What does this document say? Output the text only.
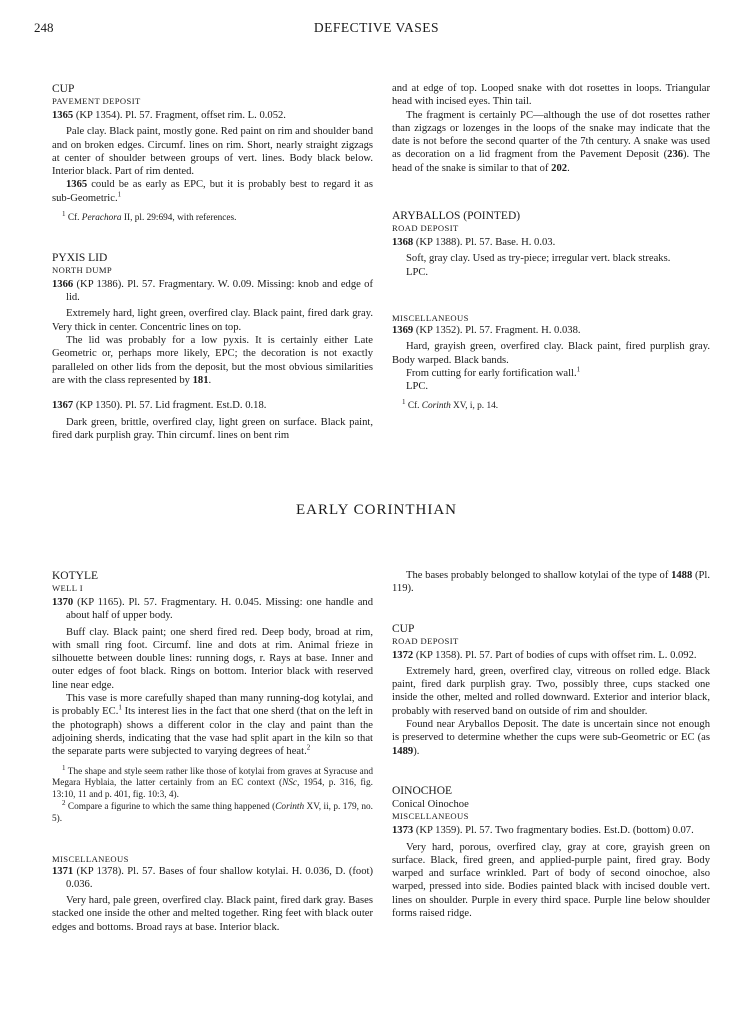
248	DEFECTIVE VASES

CUP

PAVEMENT DEPOSIT

1365 (KP 1354). Pl. 57. Fragment, offset rim. L. 0.052.

Pale clay. Black paint, mostly gone. Red paint on rim and shoulder band and on broken edges. Circumf. lines on rim. Short, nearly straight zigzags at center of shoulder between groups of vert. lines. Body black below. Interior black. Part of rim dented.

1365 could be as early as EPC, but it is probably best to regard it as sub-Geometric.$^1$

$^1$ Cf. Perachora II, pl. 29:694, with references.

PYXIS LID

NORTH DUMP

1366 (KP 1386). Pl. 57. Fragmentary. W. 0.09. Missing: knob and edge of lid.

Extremely hard, light green, overfired clay. Black paint, fired dark gray. Very thick in center. Concentric lines on top.

The lid was probably for a low pyxis. It is certainly either Late Geometric or, perhaps more likely, EPC; the decoration is not exactly paralleled on other lids from the deposit, but the most obvious similarities are with the class represented by 181.

1367 (KP 1350). Pl. 57. Lid fragment. Est.D. 0.18.

Dark green, brittle, overfired clay, light green on surface. Black paint, fired dark purplish gray. Thin circumf. lines on bent rim

and at edge of top. Looped snake with dot rosettes in loops. Triangular head with incised eyes. Thin tail.

The fragment is certainly PC—although the use of dot rosettes rather than zigzags or lozenges in the loops of the snake may indicate that the date is not before the second quarter of the 7th century. A snake was used as decoration on a lid fragment from the Pavement Deposit (236). The head of the snake is similar to that of 202.

ARYBALLOS (POINTED)

ROAD DEPOSIT

1368 (KP 1388). Pl. 57. Base. H. 0.03.

Soft, gray clay. Used as try-piece; irregular vert. black streaks.

LPC.

MISCELLANEOUS

1369 (KP 1352). Pl. 57. Fragment. H. 0.038.

Hard, grayish green, overfired clay. Black paint, fired purplish gray. Body warped. Black bands.

From cutting for early fortification wall.$^1$

LPC.

$^1$ Cf. Corinth XV, i, p. 14.

EARLY CORINTHIAN

KOTYLE

WELL I

1370 (KP 1165). Pl. 57. Fragmentary. H. 0.045. Missing: one handle and about half of upper body.

Buff clay. Black paint; one sherd fired red. Deep body, broad at rim, with small ring foot. Circumf. line and dots at rim. Animal frieze in silhouette between double lines: running dogs, r. Rays at base. Inner and outer edges of foot black. Rings on bottom. Interior black with reserved line near edge.

This vase is more carefully shaped than many running-dog kotylai, and is probably EC.$^1$ Its interest lies in the fact that one sherd (that on the left in the photograph) shows a different color in the clay and paint than the adjoining sherds, indicating that the vase had split apart in the kiln so that the separate parts were subjected to varying degrees of heat.$^2$

$^1$ The shape and style seem rather like those of kotylai from graves at Syracuse and Megara Hyblaia, the latter certainly from an EC context (NSc, 1954, p. 316, fig. 13:10, 11 and p. 401, fig. 10:3, 4).

$^2$ Compare a figurine to which the same thing happened (Corinth XV, ii, p. 179, no. 5).

MISCELLANEOUS

1371 (KP 1378). Pl. 57. Bases of four shallow kotylai. H. 0.036, D. (foot) 0.036.

Very hard, pale green, overfired clay. Black paint, fired dark gray. Bases stacked one inside the other and melted together. Ring feet with black outer edges and bottoms. Broad rays at base. Interior black.

The bases probably belonged to shallow kotylai of the type of 1488 (Pl. 119).

CUP

ROAD DEPOSIT

1372 (KP 1358). Pl. 57. Part of bodies of cups with offset rim. L. 0.092.

Extremely hard, green, overfired clay, vitreous on rolled edge. Black paint, fired dark purplish gray. Two, possibly three, cups stacked one inside the other, melted and rolled downward. Exterior and interior black, probably with reserved band on outside of rim and shoulder.

Found near Aryballos Deposit. The date is uncertain since not enough is preserved to determine whether the cups were sub-Geometric or EC (as 1489).

OINOCHOE

Conical Oinochoe

MISCELLANEOUS

1373 (KP 1359). Pl. 57. Two fragmentary bodies. Est.D. (bottom) 0.07.

Very hard, porous, overfired clay, gray at core, grayish green on surface. Black, fired green, and applied-purple paint, fired gray. Body warped and surface wrinkled. Part of body of second oinochoe, also warped, pressed into side. Bodies painted black with incised double vert. lines on shoulder. Purple in every third space. Purple line below shoulder forms raised ridge.
